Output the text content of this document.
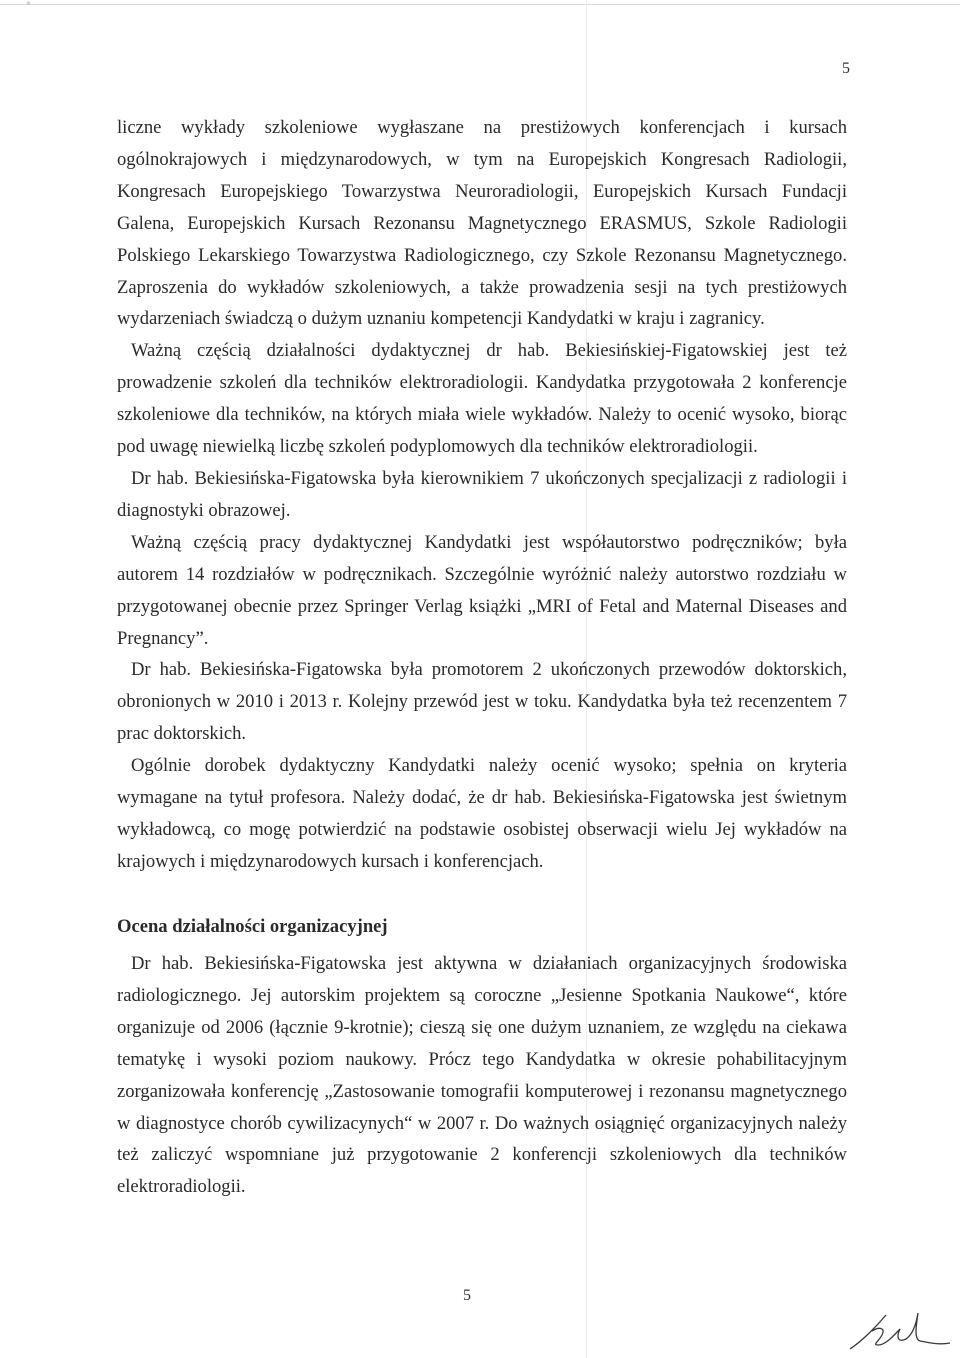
*
5

liczne wykłady szkoleniowe wygłaszane na prestiżowych konferencjach i kursach ogólnokrajowych i międzynarodowych, w tym na Europejskich Kongresach Radiologii, Kongresach Europejskiego Towarzystwa Neuroradiologii, Europejskich Kursach Fundacji Galena, Europejskich Kursach Rezonansu Magnetycznego ERASMUS, Szkole Radiologii Polskiego Lekarskiego Towarzystwa Radiologicznego, czy Szkole Rezonansu Magnetycznego. Zaproszenia do wykładów szkoleniowych, a także prowadzenia sesji na tych prestiżowych wydarzeniach świadczą o dużym uznaniu kompetencji Kandydatki w kraju i zagranicy.

Ważną częścią działalności dydaktycznej dr hab. Bekiesińskiej-Figatowskiej jest też prowadzenie szkoleń dla techników elektroradiologii. Kandydatka przygotowała 2 konferencje szkoleniowe dla techników, na których miała wiele wykładów. Należy to ocenić wysoko, biorąc pod uwagę niewielką liczbę szkoleń podyplomowych dla techników elektroradiologii.

Dr hab. Bekiesińska-Figatowska była kierownikiem 7 ukończonych specjalizacji z radiologii i diagnostyki obrazowej.

Ważną częścią pracy dydaktycznej Kandydatki jest współautorstwo podręczników; była autorem 14 rozdziałów w podręcznikach. Szczególnie wyróżnić należy autorstwo rozdziału w przygotowanej obecnie przez Springer Verlag książki „MRI of Fetal and Maternal Diseases and Pregnancy”.

Dr hab. Bekiesińska-Figatowska była promotorem 2 ukończonych przewodów doktorskich, obronionych w 2010 i 2013 r. Kolejny przewód jest w toku. Kandydatka była też recenzentem 7 prac doktorskich.

Ogólnie dorobek dydaktyczny Kandydatki należy ocenić wysoko; spełnia on kryteria wymagane na tytuł profesora. Należy dodać, że dr hab. Bekiesińska-Figatowska jest świetnym wykładowcą, co mogę potwierdzić na podstawie osobistej obserwacji wielu Jej wykładów na krajowych i międzynarodowych kursach i konferencjach.

Ocena działalności organizacyjnej

Dr hab. Bekiesińska-Figatowska jest aktywna w działaniach organizacyjnych środowiska radiologicznego. Jej autorskim projektem są coroczne „Jesienne Spotkania Naukowe“, które organizuje od 2006 (łącznie 9-krotnie); cieszą się one dużym uznaniem, ze względu na ciekawa tematykę i wysoki poziom naukowy. Prócz tego Kandydatka w okresie pohabilitacyjnym zorganizowała konferencję „Zastosowanie tomografii komputerowej i rezonansu magnetycznego w diagnostyce chorób cywilizacynych“ w 2007 r. Do ważnych osiągnięć organizacyjnych należy też zaliczyć wspomniane już przygotowanie 2 konferencji szkoleniowych dla techników elektroradiologii.

5
